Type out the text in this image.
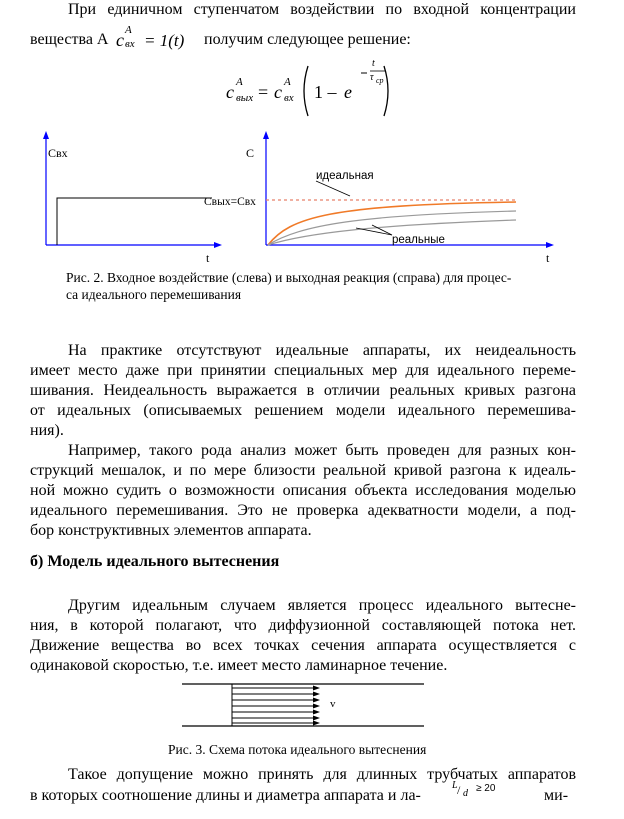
При единичном ступенчатом воздействии по входной концентрации
вещества А c A
вх = 1(t) получим следующее решение:
c A
вых = c A
вх 1 – e
t
τ ср
Cвх
t
C
t
идеальная
Cвых=Cвх
реальные
Рис. 2. Входное воздействие (слева) и выходная реакция (справа) для процес-
са идеального перемешивания
На практике отсутствуют идеальные аппараты, их неидеальность
имеет место даже при принятии специальных мер для идеального переме-
шивания. Неидеальность выражается в отличии реальных кривых разгона
от идеальных (описываемых решением модели идеального перемешива-
ния).
Например, такого рода анализ может быть проведен для разных кон-
струкций мешалок, и по мере близости реальной кривой разгона к идеаль-
ной можно судить о возможности описания объекта исследования моделью
идеального перемешивания. Это не проверка адекватности модели, а под-
бор конструктивных элементов аппарата.
б) Модель идеального вытеснения
Другим идеальным случаем является процесс идеального вытесне-
ния, в которой полагают, что диффузионной составляющей потока нет.
Движение вещества во всех точках сечения аппарата осуществляется с
одинаковой скоростью, т.е. имеет место ламинарное течение.
v
Рис. 3. Схема потока идеального вытеснения
Такое допущение можно принять для длинных трубчатых аппаратов
в которых соотношение длины и диаметра аппарата и ла-
L / d ≥ 20	ми-
